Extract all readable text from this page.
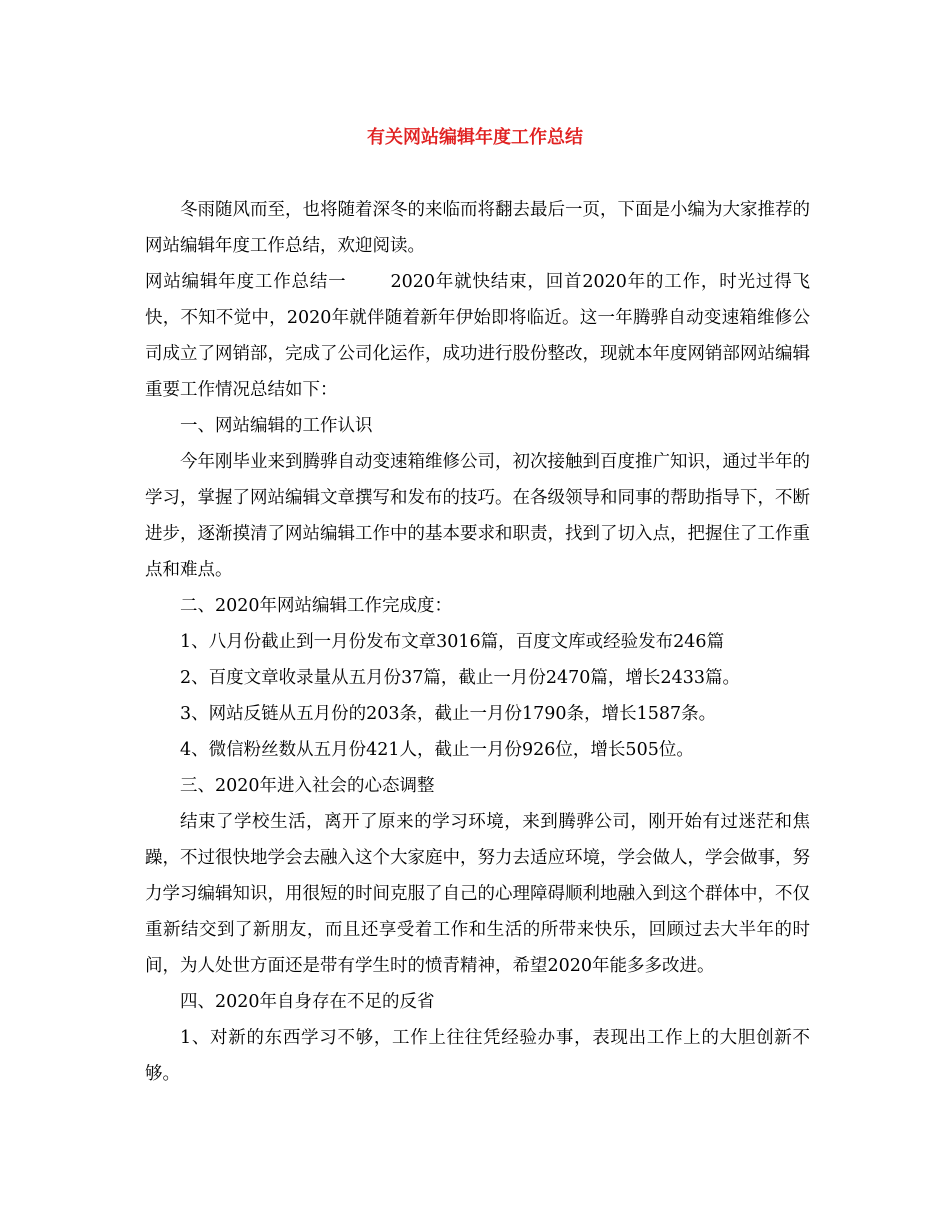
有关网站编辑年度工作总结

冬雨随风而至，也将随着深冬的来临而将翻去最后一页，下面是小编为大家推荐的网站编辑年度工作总结，欢迎阅读。

网站编辑年度工作总结一	2020年就快结束，回首2020年的工作，时光过得飞快，不知不觉中，2020年就伴随着新年伊始即将临近。这一年腾骅自动变速箱维修公司成立了网销部，完成了公司化运作，成功进行股份整改，现就本年度网销部网站编辑重要工作情况总结如下：

一、网站编辑的工作认识

今年刚毕业来到腾骅自动变速箱维修公司，初次接触到百度推广知识，通过半年的学习，掌握了网站编辑文章撰写和发布的技巧。在各级领导和同事的帮助指导下，不断进步，逐渐摸清了网站编辑工作中的基本要求和职责，找到了切入点，把握住了工作重点和难点。

二、2020年网站编辑工作完成度：

1、八月份截止到一月份发布文章3016篇，百度文库或经验发布246篇

2、百度文章收录量从五月份37篇，截止一月份2470篇，增长2433篇。

3、网站反链从五月份的203条，截止一月份1790条，增长1587条。

4、微信粉丝数从五月份421人，截止一月份926位，增长505位。

三、2020年进入社会的心态调整

结束了学校生活，离开了原来的学习环境，来到腾骅公司，刚开始有过迷茫和焦躁，不过很快地学会去融入这个大家庭中，努力去适应环境，学会做人，学会做事，努力学习编辑知识，用很短的时间克服了自己的心理障碍顺利地融入到这个群体中，不仅重新结交到了新朋友，而且还享受着工作和生活的所带来快乐，回顾过去大半年的时间，为人处世方面还是带有学生时的愤青精神，希望2020年能多多改进。

四、2020年自身存在不足的反省

1、对新的东西学习不够，工作上往往凭经验办事，表现出工作上的大胆创新不够。
